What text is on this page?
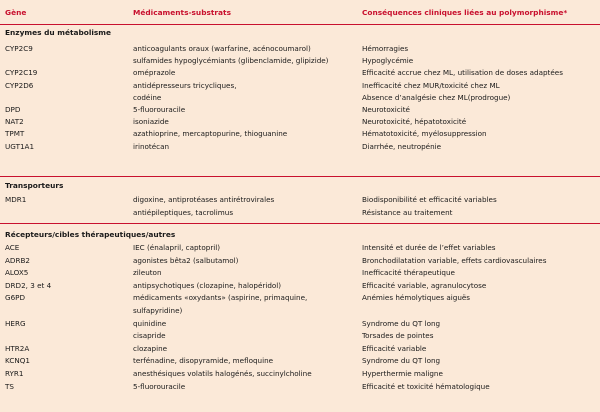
Gène	Médicaments-substrats	Conséquences cliniques liées au polymorphisme*
Enzymes du métabolisme
CYP2C9	anticoagulants oraux (warfarine, acénocoumarol)	Hémorragies
sulfamides hypoglycémiants (glibenclamide, glipizide)	Hypoglycémie
CYP2C19	oméprazole	Efficacité accrue chez ML, utilisation de doses adaptées
CYP2D6	antidépresseurs tricycliques,	Inefficacité chez MUR/toxicité chez ML
codéine	Absence d’analgésie chez ML(prodrogue)
DPD	5-fluorouracile	Neurotoxicité
NAT2	isoniazide	Neurotoxicité, hépatotoxicité
TPMT	azathioprine, mercaptopurine, thioguanine	Hématotoxicité, myélosuppression
UGT1A1	irinotécan	Diarrhée, neutropénie
Transporteurs
MDR1	digoxine, antiprotéases antirétrovirales	Biodisponibilité et efficacité variables
antiépileptiques, tacrolimus	Résistance au traitement
Récepteurs/cibles thérapeutiques/autres
ACE	IEC (énalapril, captopril)	Intensité et durée de l’effet variables
ADRB2	agonistes bêta2 (salbutamol)	Bronchodilatation variable, effets cardiovasculaires
ALOX5	zileuton	Inefficacité thérapeutique
DRD2, 3 et 4	antipsychotiques (clozapine, halopéridol)	Efficacité variable, agranulocytose
G6PD	médicaments «oxydants» (aspirine, primaquine,	Anémies hémolytiques aiguës
sulfapyridine)
HERG	quinidine	Syndrome du QT long
cisapride	Torsades de pointes
HTR2A	clozapine	Efficacité variable
KCNQ1	terfénadine, disopyramide, mefloquine	Syndrome du QT long
RYR1	anesthésiques volatils halogénés, succinylcholine	Hyperthermie maligne
TS	5-fluorouracile	Efficacité et toxicité hématologique
